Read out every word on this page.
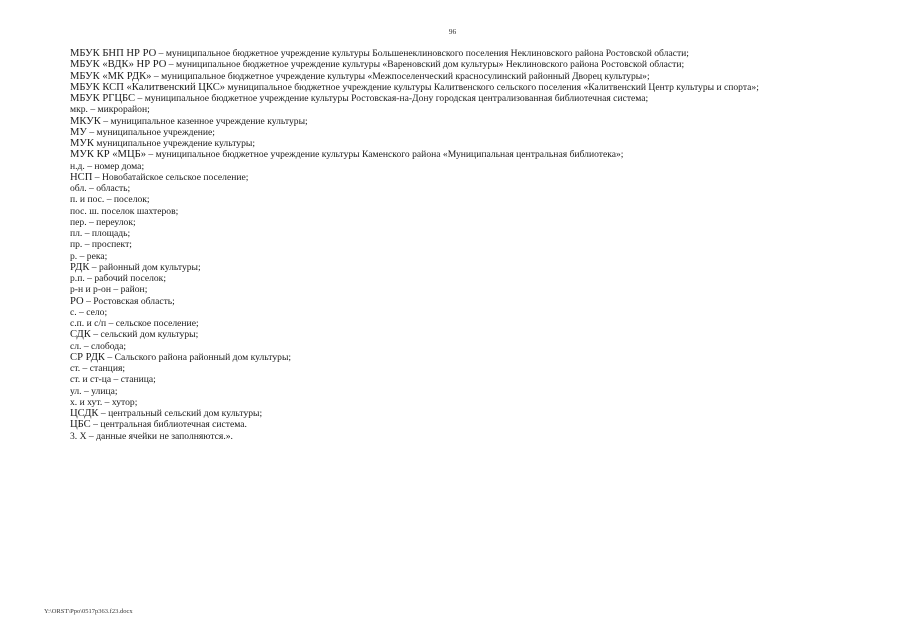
96
МБУК БНП НР РО – муниципальное бюджетное учреждение культуры Большенеклиновского поселения Неклиновского района Ростовской области;
МБУК «ВДК» НР РО – муниципальное бюджетное учреждение культуры «Вареновский дом культуры» Неклиновского района Ростовской области;
МБУК «МК РДК» – муниципальное бюджетное учреждение культуры «Межпоселенческий красносулинский районный Дворец культуры»;
МБУК КСП «Калитвенский ЦКС» муниципальное бюджетное учреждение культуры Калитвенского сельского поселения «Калитвенский Центр культуры и спорта»;
МБУК РГЦБС – муниципальное бюджетное учреждение культуры Ростовская-на-Дону городская централизованная библиотечная система;
мкр. – микрорайон;
МКУК – муниципальное казенное учреждение культуры;
МУ – муниципальное учреждение;
МУК муниципальное учреждение культуры;
МУК КР «МЦБ» – муниципальное бюджетное учреждение культуры Каменского района «Муниципальная центральная библиотека»;
н.д. – номер дома;
НСП – Новобатайское сельское поселение;
обл. – область;
п. и пос. – поселок;
пос. ш. поселок шахтеров;
пер. – переулок;
пл. – площадь;
пр. – проспект;
р. – река;
РДК – районный дом культуры;
р.п. – рабочий поселок;
р-н и р-он – район;
РО – Ростовская область;
с. – село;
с.п. и с/п – сельское поселение;
СДК – сельский дом культуры;
сл. – слобода;
СР РДК – Сальского района районный дом культуры;
ст. – станция;
ст. и ст-ца – станица;
ул. – улица;
х. и хут. – хутор;
ЦСДК – центральный сельский дом культуры;
ЦБС – центральная библиотечная система.
3. Х – данные ячейки не заполняются.».
Y:\ORST\Ppo\0517p363.f23.docx
